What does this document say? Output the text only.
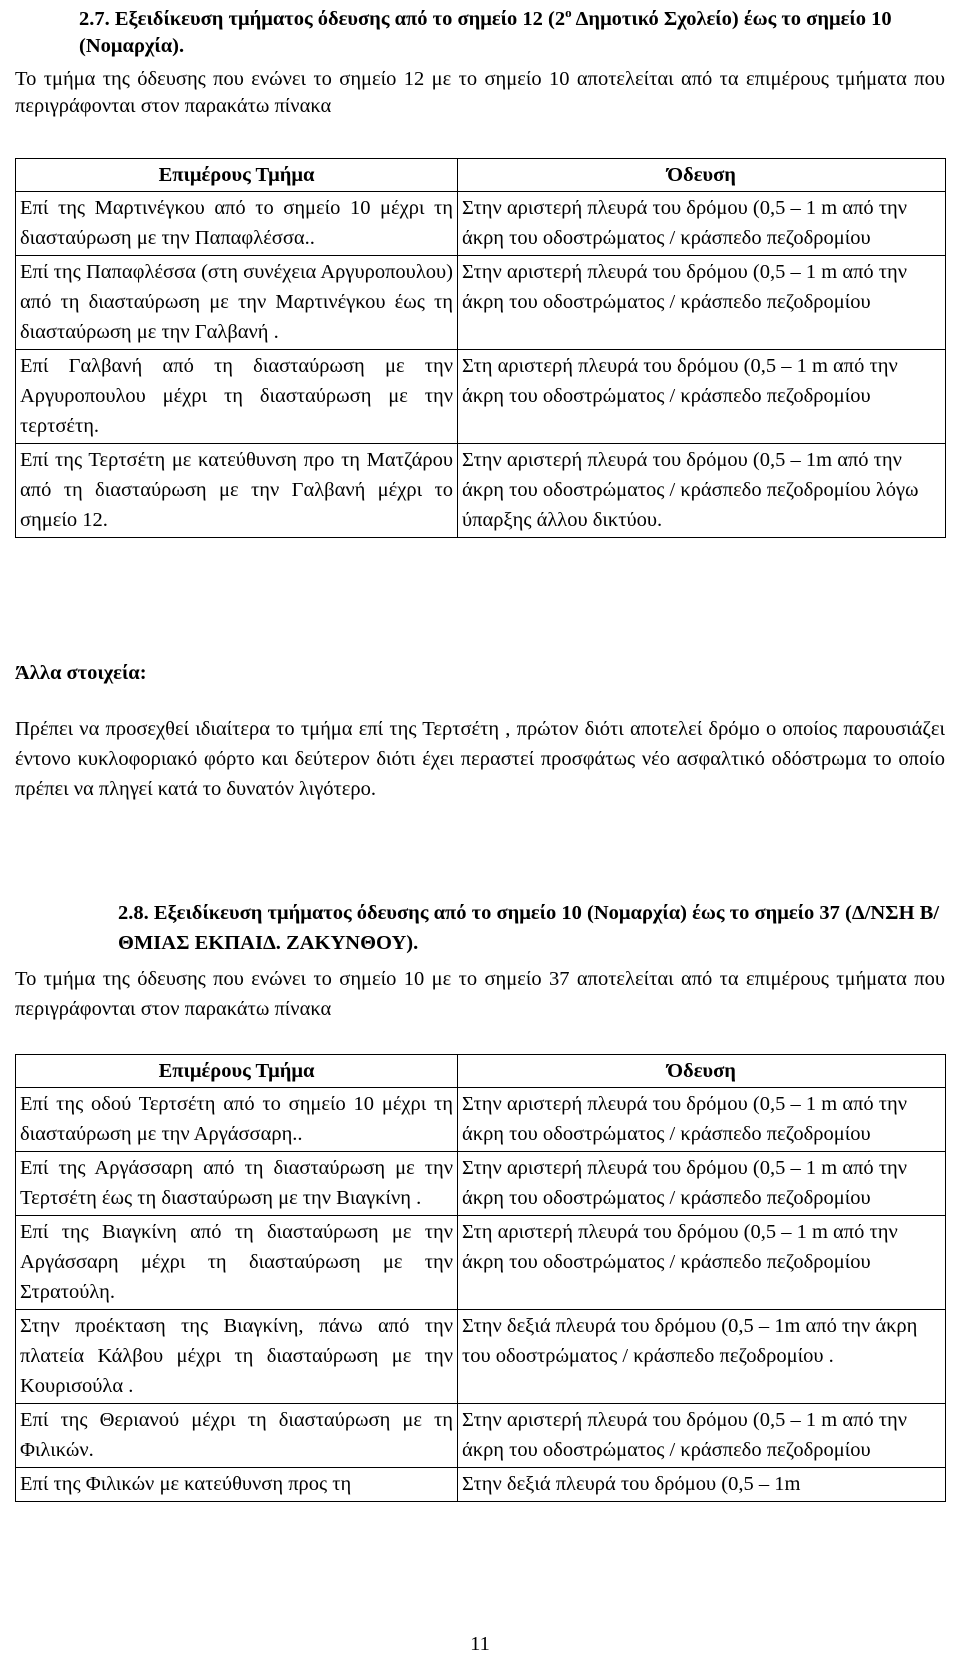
2.7. Εξειδίκευση τμήματος όδευσης από το σημείο 12 ($2^o$ Δημοτικό Σχολείο) έως το σημείο 10 (Νομαρχία).
Το τμήμα της όδευσης που ενώνει το σημείο 12 με το σημείο 10 αποτελείται από τα επιμέρους τμήματα που περιγράφονται στον παρακάτω πίνακα
Επιμέρους Τμήμα	Όδευση
Επί της Μαρτινέγκου από το σημείο 10 μέχρι τη διασταύρωση με την Παπαφλέσσα..	Στην αριστερή πλευρά του δρόμου (0,5 – 1 m από την άκρη του οδοστρώματος / κράσπεδο πεζοδρομίου
Επί της Παπαφλέσσα (στη συνέχεια Αργυροπουλου) από τη διασταύρωση με την Μαρτινέγκου έως τη διασταύρωση με την Γαλβανή .	Στην αριστερή πλευρά του δρόμου (0,5 – 1 m από την άκρη του οδοστρώματος / κράσπεδο πεζοδρομίου
Επί Γαλβανή από τη διασταύρωση με την Αργυροπουλου μέχρι τη διασταύρωση με την τερτσέτη.	Στη αριστερή πλευρά του δρόμου (0,5 – 1 m από την άκρη του οδοστρώματος / κράσπεδο πεζοδρομίου
Επί της Τερτσέτη με κατεύθυνση προ τη Ματζάρου από τη διασταύρωση με την Γαλβανή μέχρι το σημείο 12.	Στην αριστερή πλευρά του δρόμου (0,5 – 1m από την άκρη του οδοστρώματος / κράσπεδο πεζοδρομίου λόγω ύπαρξης άλλου δικτύου.
Άλλα στοιχεία:
Πρέπει να προσεχθεί ιδιαίτερα το τμήμα επί της Τερτσέτη , πρώτον διότι αποτελεί δρόμο ο οποίος παρουσιάζει έντονο κυκλοφοριακό φόρτο και δεύτερον διότι έχει περαστεί προσφάτως νέο ασφαλτικό οδόστρωμα το οποίο πρέπει να πληγεί κατά το δυνατόν λιγότερο.
2.8. Εξειδίκευση τμήματος όδευσης από το σημείο 10 (Νομαρχία) έως το σημείο 37 (Δ/ΝΣΗ Β/ΘΜΙΑΣ ΕΚΠΑΙΔ. ΖΑΚΥΝΘΟΥ).
Το τμήμα της όδευσης που ενώνει το σημείο 10 με το σημείο 37 αποτελείται από τα επιμέρους τμήματα που περιγράφονται στον παρακάτω πίνακα
Επιμέρους Τμήμα	Όδευση
Επί της οδού Τερτσέτη από το σημείο 10 μέχρι τη διασταύρωση με την Αργάσσαρη..	Στην αριστερή πλευρά του δρόμου (0,5 – 1 m από την άκρη του οδοστρώματος / κράσπεδο πεζοδρομίου
Επί της Αργάσσαρη από τη διασταύρωση με την Τερτσέτη έως τη διασταύρωση με την Βιαγκίνη .	Στην αριστερή πλευρά του δρόμου (0,5 – 1 m από την άκρη του οδοστρώματος / κράσπεδο πεζοδρομίου
Επί της Βιαγκίνη από τη διασταύρωση με την Αργάσσαρη μέχρι τη διασταύρωση με την Στρατούλη.	Στη αριστερή πλευρά του δρόμου (0,5 – 1 m από την άκρη του οδοστρώματος / κράσπεδο πεζοδρομίου
Στην προέκταση της Βιαγκίνη, πάνω από την πλατεία Κάλβου μέχρι τη διασταύρωση με την Κουρισούλα .	Στην δεξιά πλευρά του δρόμου (0,5 – 1m από την άκρη του οδοστρώματος / κράσπεδο πεζοδρομίου .
Επί της Θεριανού μέχρι τη διασταύρωση με τη Φιλικών.	Στην αριστερή πλευρά του δρόμου (0,5 – 1 m από την άκρη του οδοστρώματος / κράσπεδο πεζοδρομίου
Επί της Φιλικών με κατεύθυνση προς τη	Στην δεξιά πλευρά του δρόμου (0,5 – 1m
11
